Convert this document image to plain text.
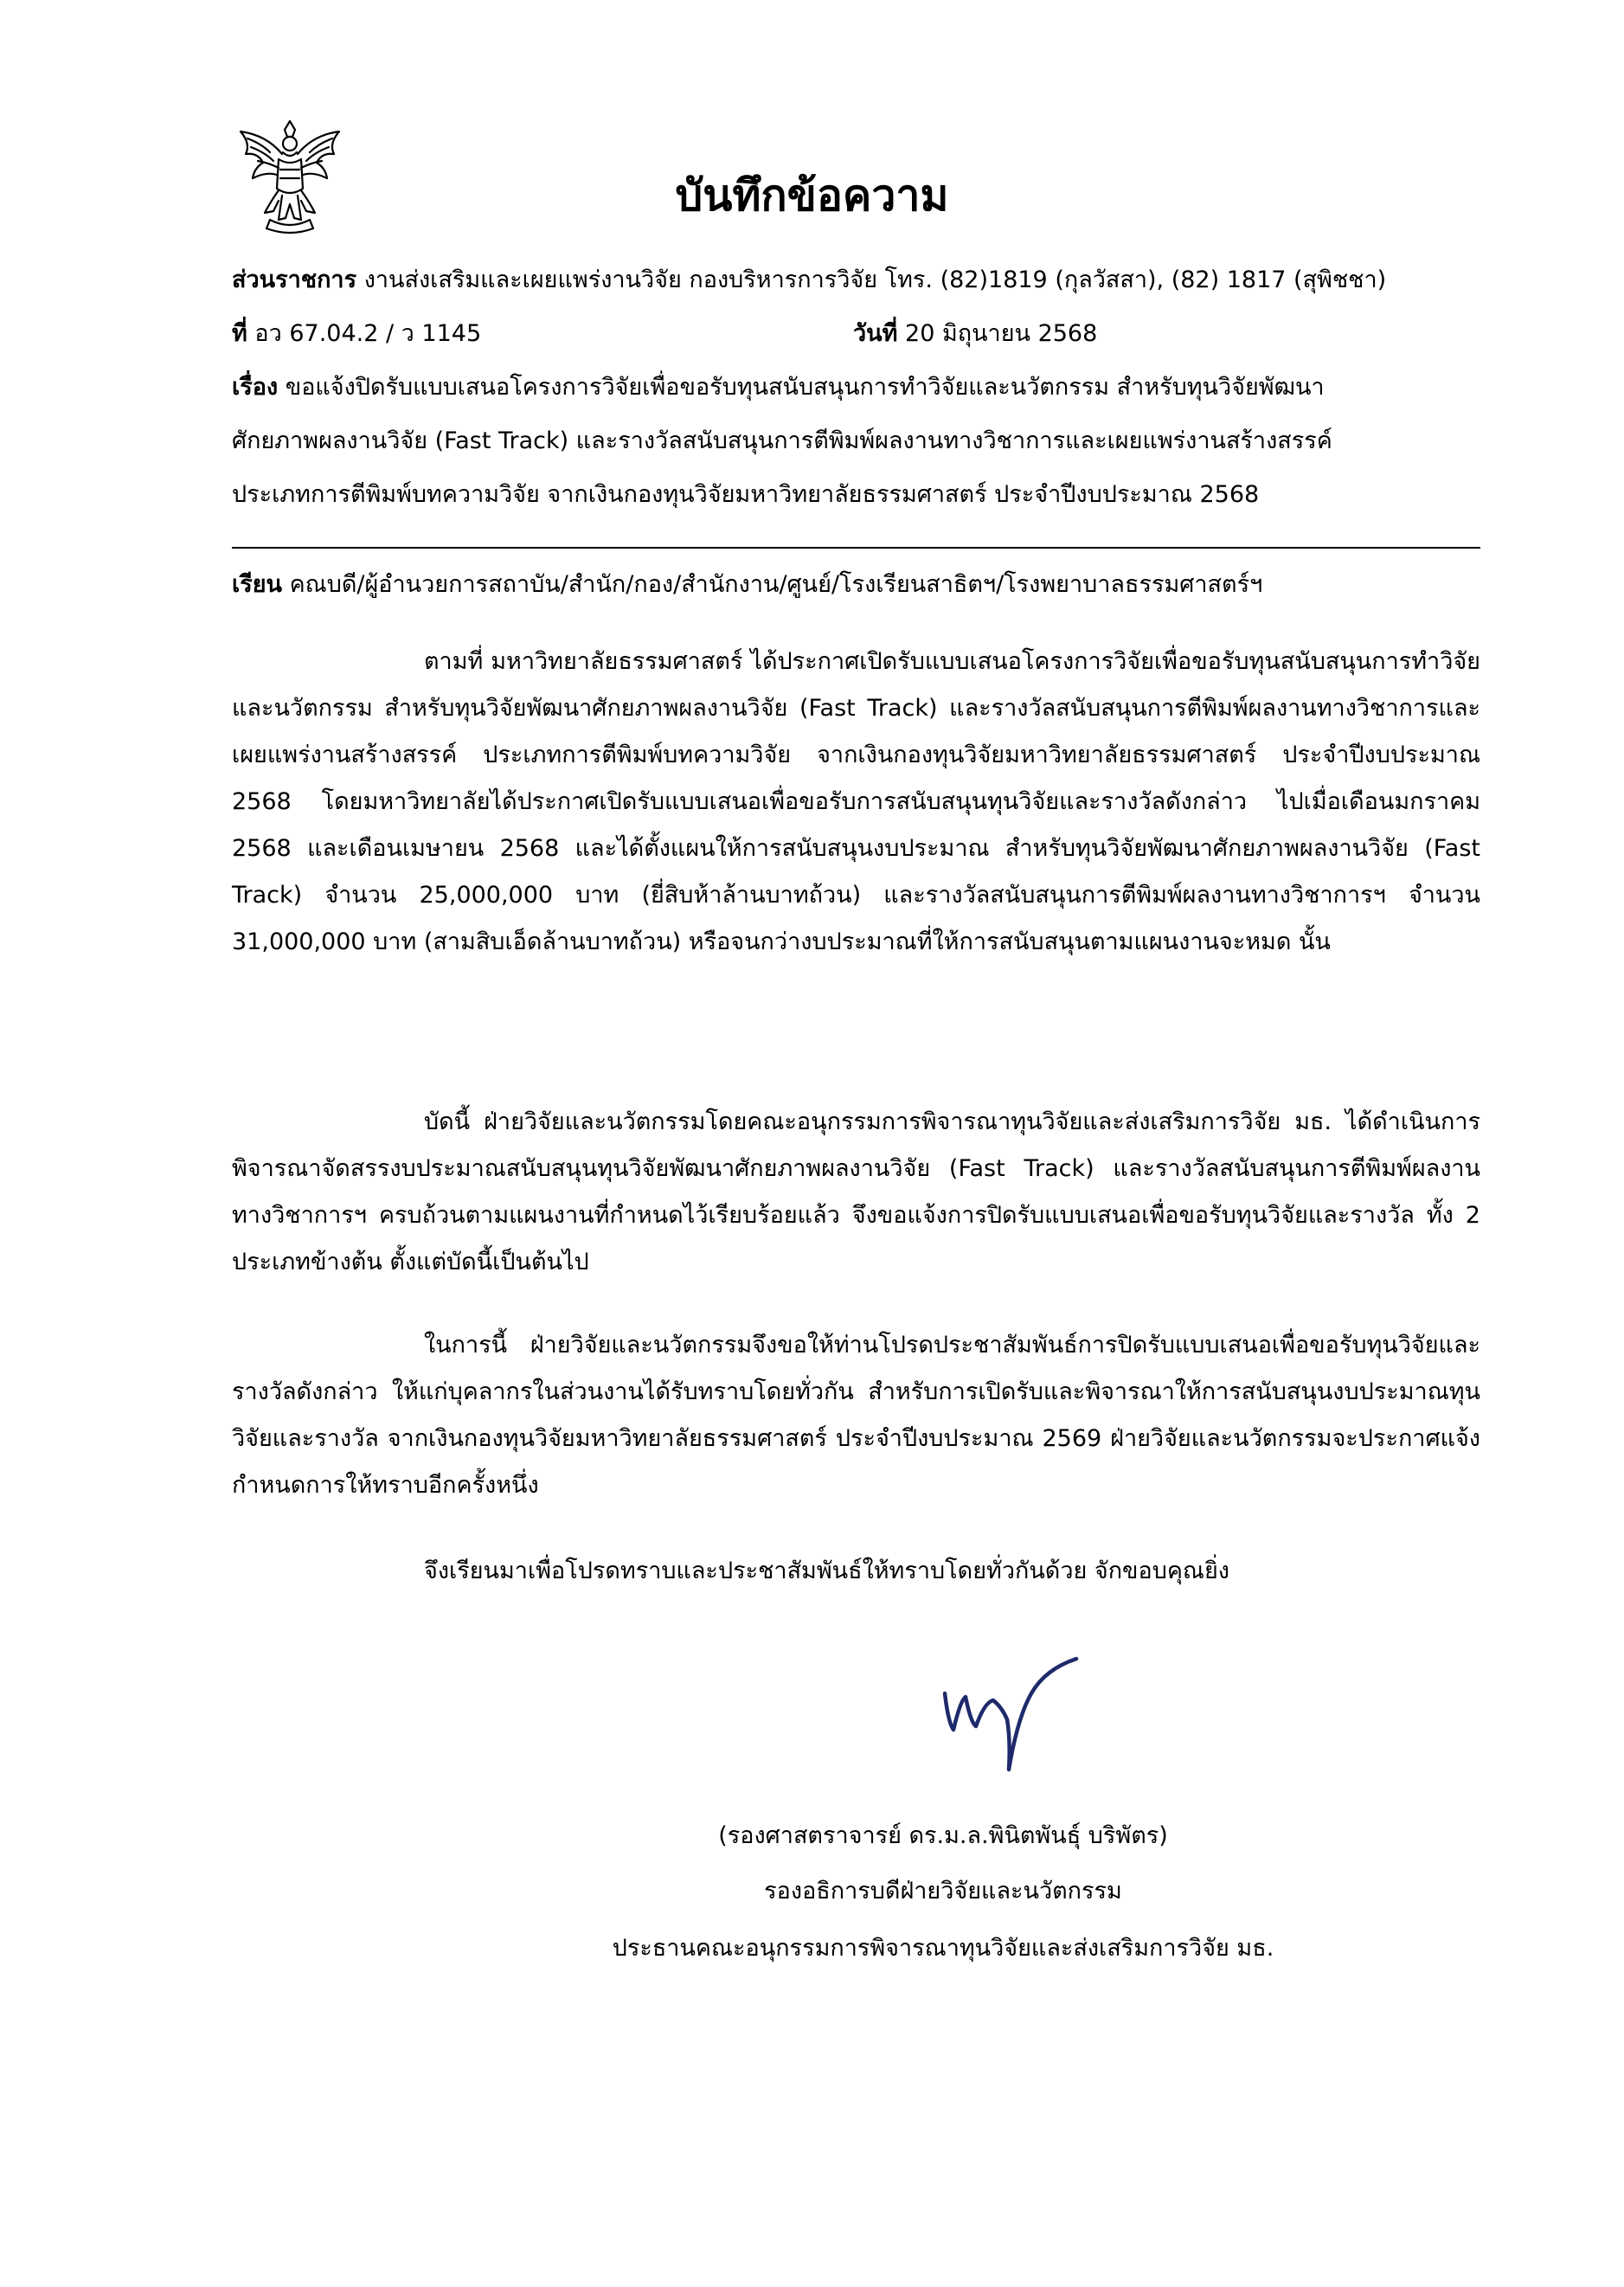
บันทึกข้อความ
ส่วนราชการ งานส่งเสริมและเผยแพร่งานวิจัย กองบริหารการวิจัย โทร. (82)1819 (กุลวัสสา), (82) 1817 (สุพิชชา)
ที่ อว 67.04.2 / ว 1145	วันที่ 20 มิถุนายน 2568
เรื่อง ขอแจ้งปิดรับแบบเสนอโครงการวิจัยเพื่อขอรับทุนสนับสนุนการทำวิจัยและนวัตกรรม สำหรับทุนวิจัยพัฒนา
ศักยภาพผลงานวิจัย (Fast Track) และรางวัลสนับสนุนการตีพิมพ์ผลงานทางวิชาการและเผยแพร่งานสร้างสรรค์
ประเภทการตีพิมพ์บทความวิจัย จากเงินกองทุนวิจัยมหาวิทยาลัยธรรมศาสตร์ ประจำปีงบประมาณ 2568
เรียน คณบดี/ผู้อำนวยการสถาบัน/สำนัก/กอง/สำนักงาน/ศูนย์/โรงเรียนสาธิตฯ/โรงพยาบาลธรรมศาสตร์ฯ
ตามที่ มหาวิทยาลัยธรรมศาสตร์ ได้ประกาศเปิดรับแบบเสนอโครงการวิจัยเพื่อขอรับทุนสนับสนุนการทำวิจัยและนวัตกรรม สำหรับทุนวิจัยพัฒนาศักยภาพผลงานวิจัย (Fast Track) และรางวัลสนับสนุนการตีพิมพ์ผลงานทางวิชาการและเผยแพร่งานสร้างสรรค์ ประเภทการตีพิมพ์บทความวิจัย จากเงินกองทุนวิจัยมหาวิทยาลัยธรรมศาสตร์ ประจำปีงบประมาณ 2568 โดยมหาวิทยาลัยได้ประกาศเปิดรับแบบเสนอเพื่อขอรับการสนับสนุนทุนวิจัยและรางวัลดังกล่าว ไปเมื่อเดือนมกราคม 2568 และเดือนเมษายน 2568 และได้ตั้งแผนให้การสนับสนุนงบประมาณ สำหรับทุนวิจัยพัฒนาศักยภาพผลงานวิจัย (Fast Track) จำนวน 25,000,000 บาท (ยี่สิบห้าล้านบาทถ้วน) และรางวัลสนับสนุนการตีพิมพ์ผลงานทางวิชาการฯ จำนวน 31,000,000 บาท (สามสิบเอ็ดล้านบาทถ้วน) หรือจนกว่างบประมาณที่ให้การสนับสนุนตามแผนงานจะหมด นั้น
บัดนี้ ฝ่ายวิจัยและนวัตกรรมโดยคณะอนุกรรมการพิจารณาทุนวิจัยและส่งเสริมการวิจัย มธ. ได้ดำเนินการพิจารณาจัดสรรงบประมาณสนับสนุนทุนวิจัยพัฒนาศักยภาพผลงานวิจัย (Fast Track) และรางวัลสนับสนุนการตีพิมพ์ผลงานทางวิชาการฯ ครบถ้วนตามแผนงานที่กำหนดไว้เรียบร้อยแล้ว จึงขอแจ้งการปิดรับแบบเสนอเพื่อขอรับทุนวิจัยและรางวัล ทั้ง 2 ประเภทข้างต้น ตั้งแต่บัดนี้เป็นต้นไป
ในการนี้ ฝ่ายวิจัยและนวัตกรรมจึงขอให้ท่านโปรดประชาสัมพันธ์การปิดรับแบบเสนอเพื่อขอรับทุนวิจัยและรางวัลดังกล่าว ให้แก่บุคลากรในส่วนงานได้รับทราบโดยทั่วกัน สำหรับการเปิดรับและพิจารณาให้การสนับสนุนงบประมาณทุนวิจัยและรางวัล จากเงินกองทุนวิจัยมหาวิทยาลัยธรรมศาสตร์ ประจำปีงบประมาณ 2569 ฝ่ายวิจัยและนวัตกรรมจะประกาศแจ้งกำหนดการให้ทราบอีกครั้งหนึ่ง
จึงเรียนมาเพื่อโปรดทราบและประชาสัมพันธ์ให้ทราบโดยทั่วกันด้วย จักขอบคุณยิ่ง
(รองศาสตราจารย์ ดร.ม.ล.พินิตพันธุ์ บริพัตร)
รองอธิการบดีฝ่ายวิจัยและนวัตกรรม
ประธานคณะอนุกรรมการพิจารณาทุนวิจัยและส่งเสริมการวิจัย มธ.
